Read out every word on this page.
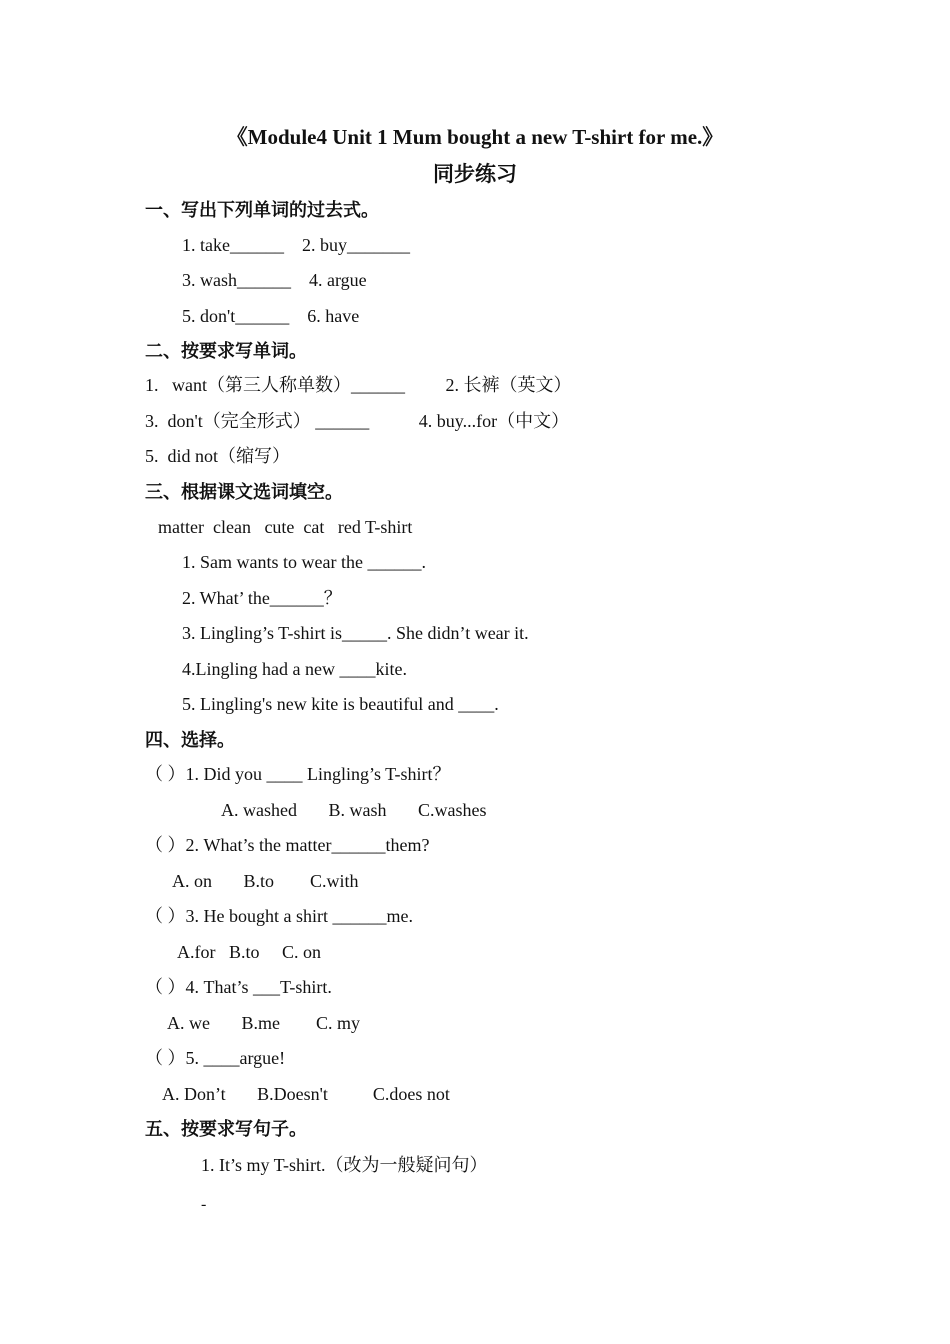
《Module4 Unit 1 Mum bought a new T-shirt for me.》
同步练习
一、写出下列单词的过去式。
1. take______    2. buy_______
3. wash______    4. argue
5. don't______    6. have
二、按要求写单词。
1.   want（第三人称单数）______         2. 长裤（英文）
3.  don't（完全形式） ______           4. buy...for（中文）
5.  did not（缩写）
三、根据课文选词填空。
matter  clean   cute  cat   red T-shirt
1. Sam wants to wear the ______.
2. What’ the______？
3. Lingling’s T-shirt is_____. She didn’t wear it.
4.Lingling had a new ____kite.
5. Lingling's new kite is beautiful and ____.
四、选择。
（ ）1. Did you ____ Lingling’s T-shirt？
A. washed       B. wash       C.washes
（ ）2. What’s the matter______them?
A. on       B.to        C.with
（ ）3. He bought a shirt ______me.
A.for   B.to     C. on
（ ）4. That’s ___T-shirt.
A. we       B.me        C. my
（ ）5. ____argue!
A. Don’t       B.Doesn't          C.does not
五、按要求写句子。
1. It’s my T-shirt.（改为一般疑问句）
-
